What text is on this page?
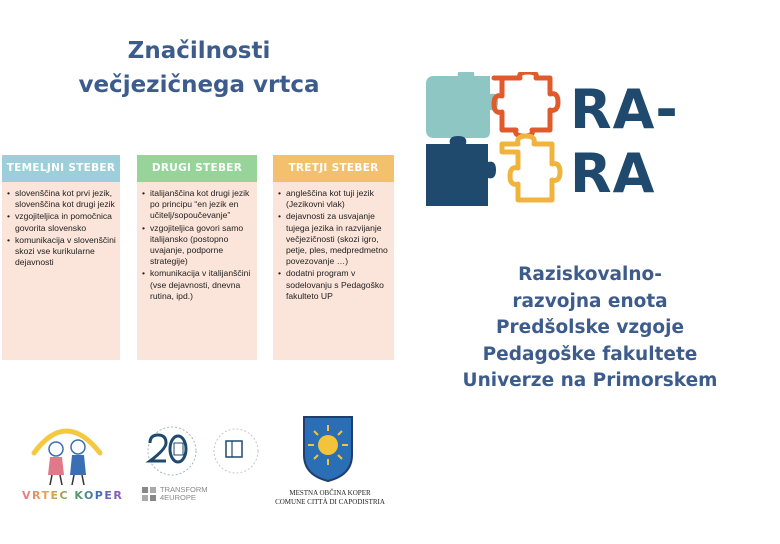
Značilnosti
večjezičnega vrtca
TEMELJNI STEBER
• slovenščina kot prvi jezik, slovenščina kot drugi jezik
• vzgojiteljica in pomočnica govorita slovensko
• komunikacija v slovenščini skozi vse kurikularne dejavnosti
DRUGI STEBER
• italijanščina kot drugi jezik po principu “en jezik en učitelj/sopoučevanje”
• vzgojiteljica govori samo italijansko (postopno uvajanje, podporne strategije)
• komunikacija v italijanščini (vse dejavnosti, dnevna rutina, ipd.)
TRETJI STEBER
• angleščina kot tuji jezik (Jezikovni vlak)
• dejavnosti za usvajanje tujega jezika in razvijanje večjezičnosti (skozi igro, petje, ples, medpredmetno povezovanje …)
• dodatni program v sodelovanju s Pedagoško fakulteto UP
RA-RA
Raziskovalno-
razvojna enota
Predšolske vzgoje
Pedagoške fakultete
Univerze na Primorskem
VRTEC KOPER	TRANSFORM
4EUROPE	MESTNA OBČINA KOPER
COMUNE CITTÀ DI CAPODISTRIA
